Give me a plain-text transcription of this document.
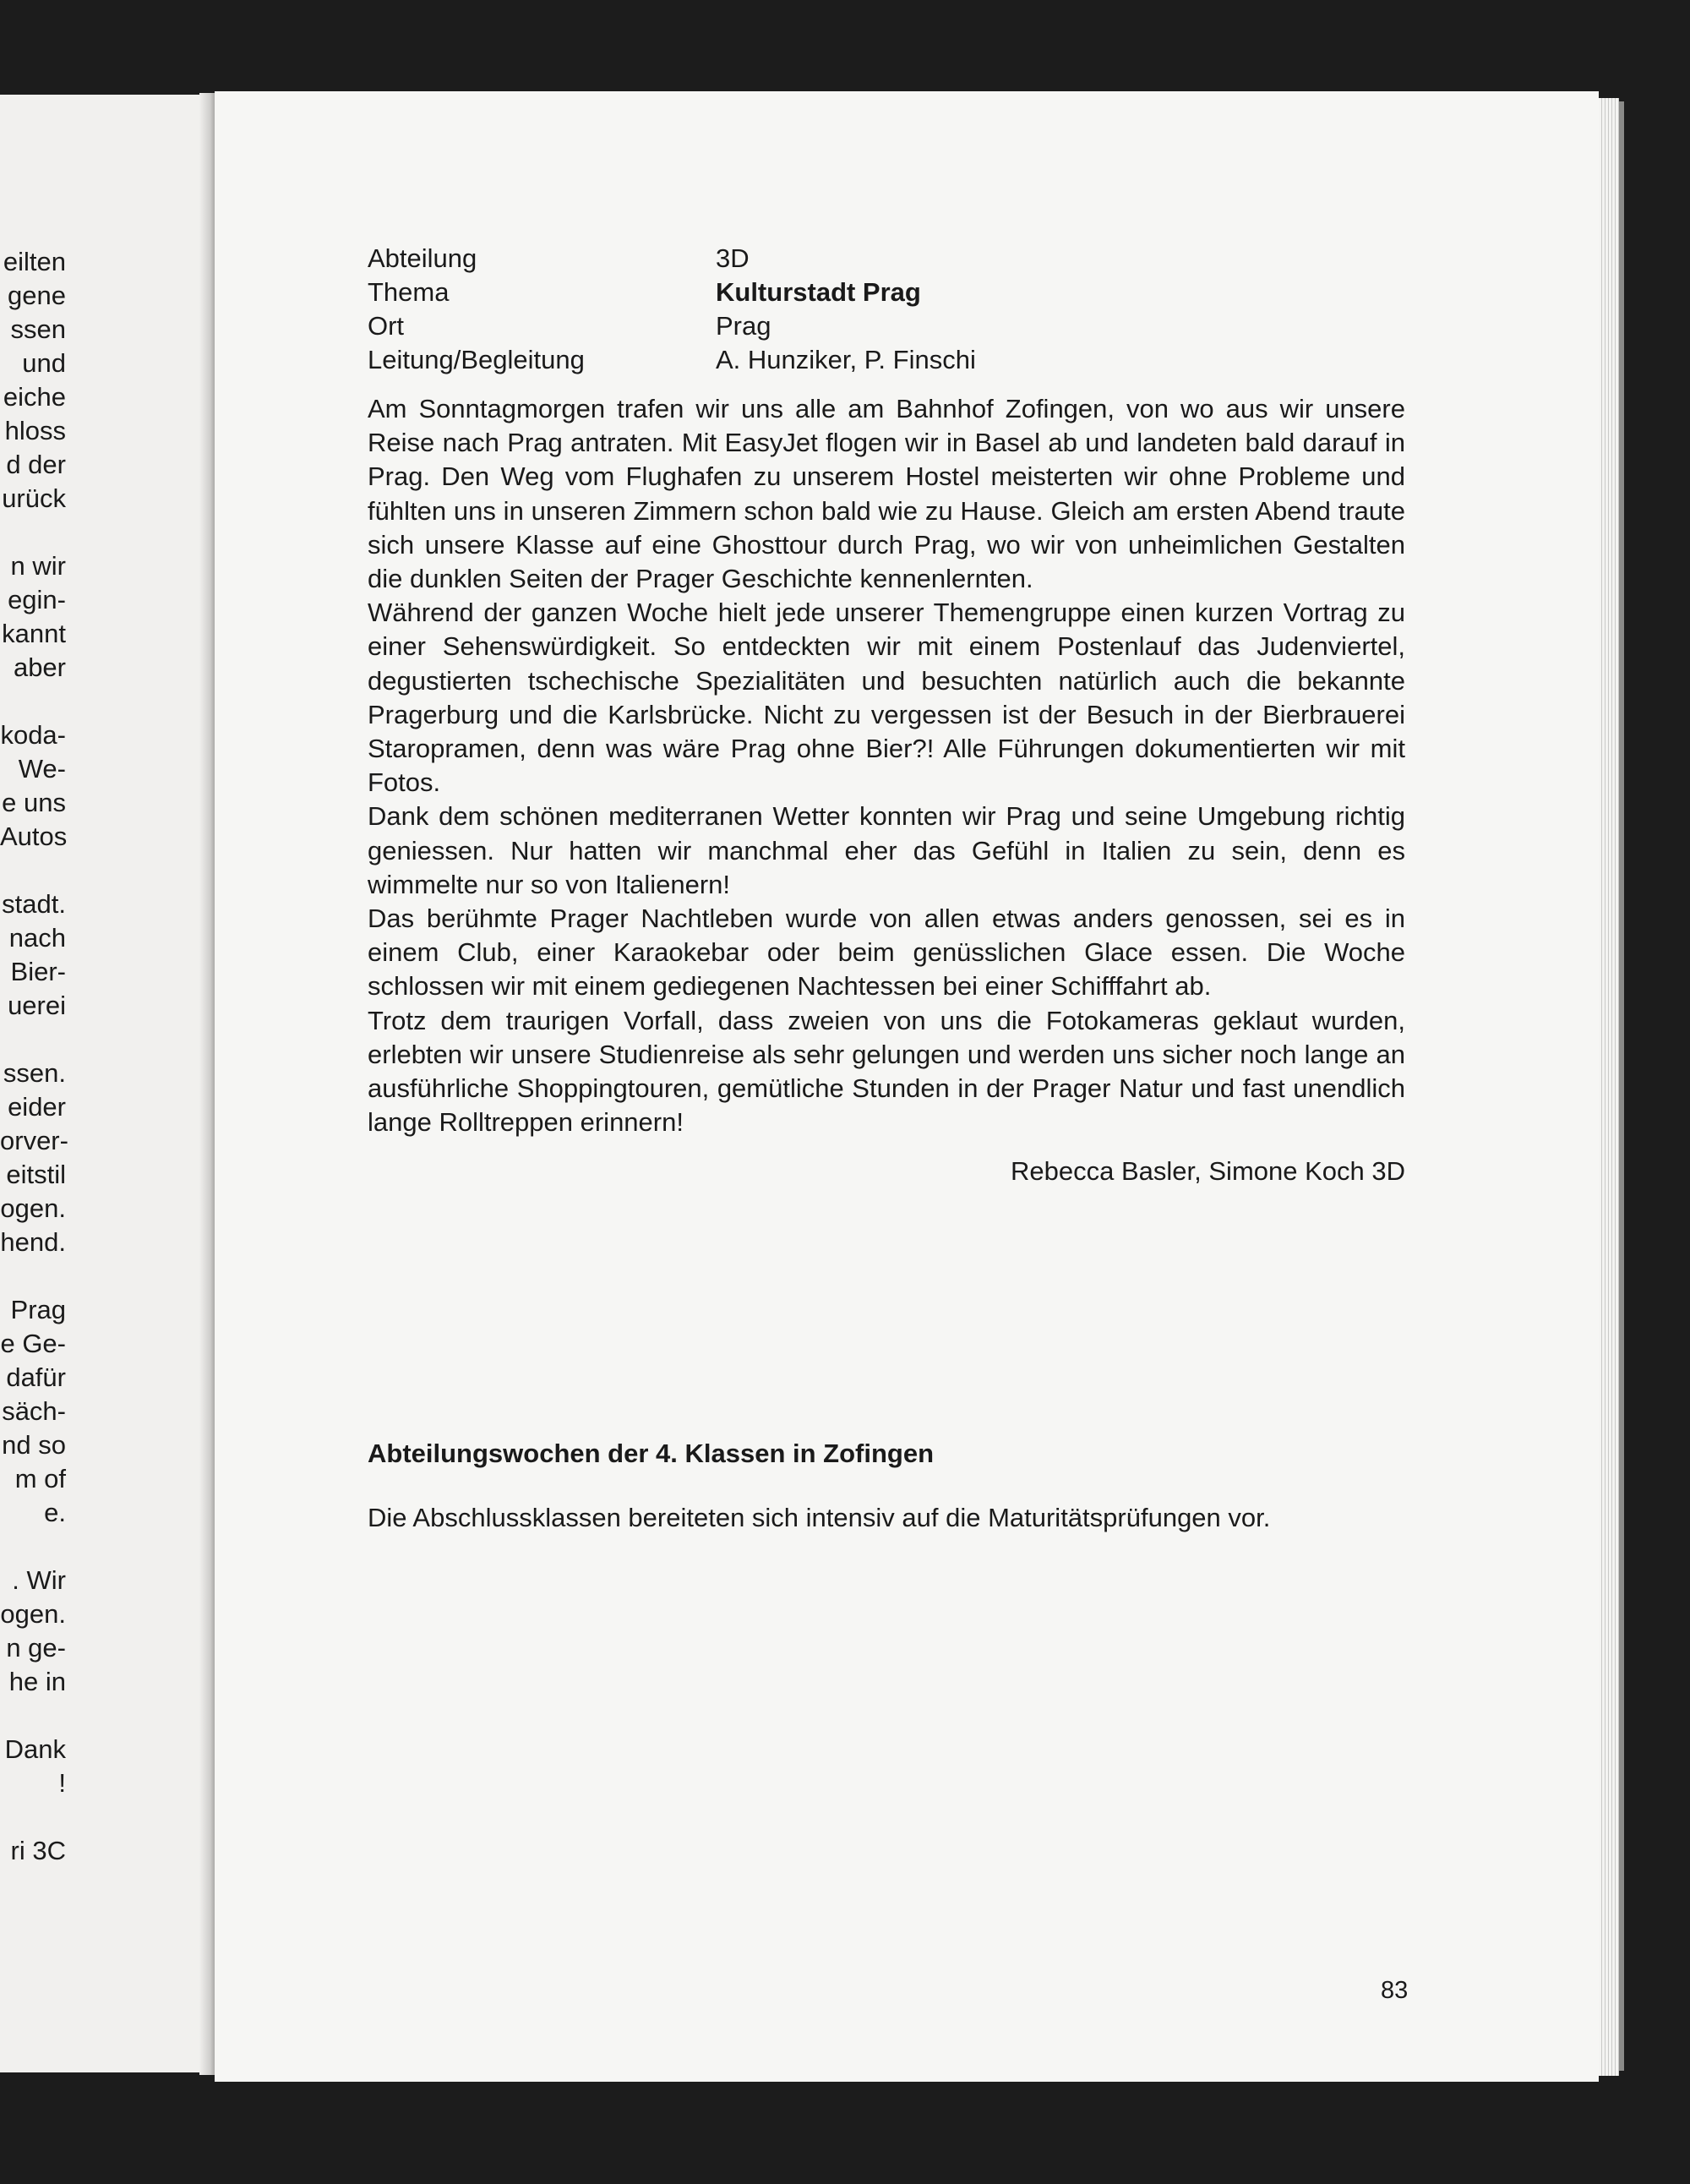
eilten
gene
ssen
und
eiche
hloss
d der
urück
n wir
egin-
kannt
aber
koda-
We-
e uns
Autos
stadt.
nach
Bier-
uerei
ssen.
eider
orver-
eitstil
ogen.
hend.
Prag
e Ge-
dafür
säch-
nd so
m of
e.
. Wir
ogen.
n ge-
he in
Dank
!
ri 3C
Abteilung	3D
Thema	Kulturstadt Prag
Ort	Prag
Leitung/Begleitung	A. Hunziker, P. Finschi

Am Sonntagmorgen trafen wir uns alle am Bahnhof Zofingen, von wo aus wir unsere Reise nach Prag antraten. Mit EasyJet flogen wir in Basel ab und landeten bald darauf in Prag. Den Weg vom Flughafen zu unserem Hostel meisterten wir ohne Probleme und fühlten uns in unseren Zimmern schon bald wie zu Hause. Gleich am ersten Abend traute sich unsere Klasse auf eine Ghosttour durch Prag, wo wir von unheimlichen Gestalten die dunklen Seiten der Prager Geschichte kennenlernten.

Während der ganzen Woche hielt jede unserer Themengruppe einen kurzen Vortrag zu einer Sehenswürdigkeit. So entdeckten wir mit einem Postenlauf das Judenviertel, degustierten tschechische Spezialitäten und besuchten natürlich auch die bekannte Pragerburg und die Karlsbrücke. Nicht zu vergessen ist der Besuch in der Bierbrauerei Staropramen, denn was wäre Prag ohne Bier?! Alle Führungen dokumentierten wir mit Fotos.

Dank dem schönen mediterranen Wetter konnten wir Prag und seine Umgebung richtig geniessen. Nur hatten wir manchmal eher das Gefühl in Italien zu sein, denn es wimmelte nur so von Italienern!

Das berühmte Prager Nachtleben wurde von allen etwas anders genossen, sei es in einem Club, einer Karaokebar oder beim genüsslichen Glace essen. Die Woche schlossen wir mit einem gediegenen Nachtessen bei einer Schifffahrt ab.

Trotz dem traurigen Vorfall, dass zweien von uns die Fotokameras geklaut wurden, erlebten wir unsere Studienreise als sehr gelungen und werden uns sicher noch lange an ausführliche Shoppingtouren, gemütliche Stunden in der Prager Natur und fast unendlich lange Rolltreppen erinnern!

Rebecca Basler, Simone Koch 3D
Abteilungswochen der 4. Klassen in Zofingen

Die Abschlussklassen bereiteten sich intensiv auf die Maturitätsprüfungen vor.

83
